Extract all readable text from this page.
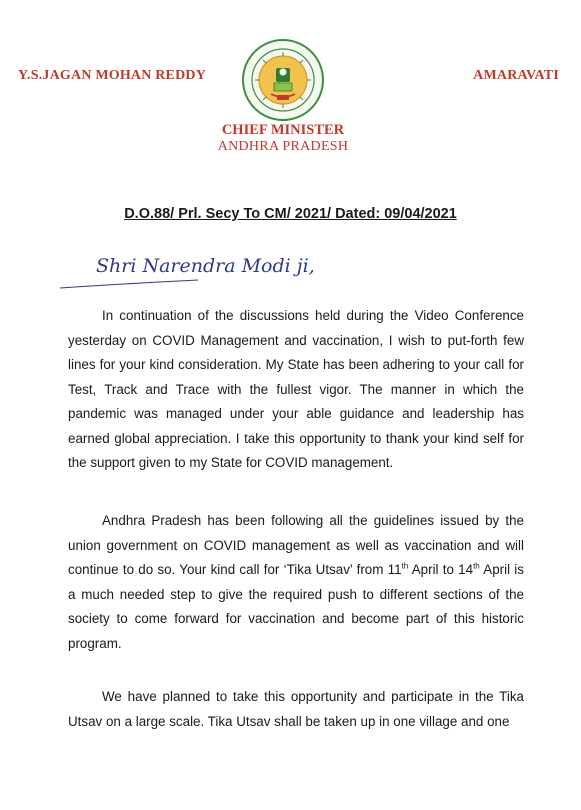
Y.S.JAGAN MOHAN REDDY	AMARAVATI
CHIEF MINISTER
ANDHRA PRADESH
D.O.88/ Prl. Secy To CM/ 2021/ Dated: 09/04/2021
Shri Narendra Modi ji,

In continuation of the discussions held during the Video Conference yesterday on COVID Management and vaccination, I wish to put-forth few lines for your kind consideration. My State has been adhering to your call for Test, Track and Trace with the fullest vigor. The manner in which the pandemic was managed under your able guidance and leadership has earned global appreciation. I take this opportunity to thank your kind self for the support given to my State for COVID management.

Andhra Pradesh has been following all the guidelines issued by the union government on COVID management as well as vaccination and will continue to do so. Your kind call for ‘Tika Utsav’ from 11th April to 14th April is a much needed step to give the required push to different sections of the society to come forward for vaccination and become part of this historic program.

We have planned to take this opportunity and participate in the Tika Utsav on a large scale. Tika Utsav shall be taken up in one village and one
